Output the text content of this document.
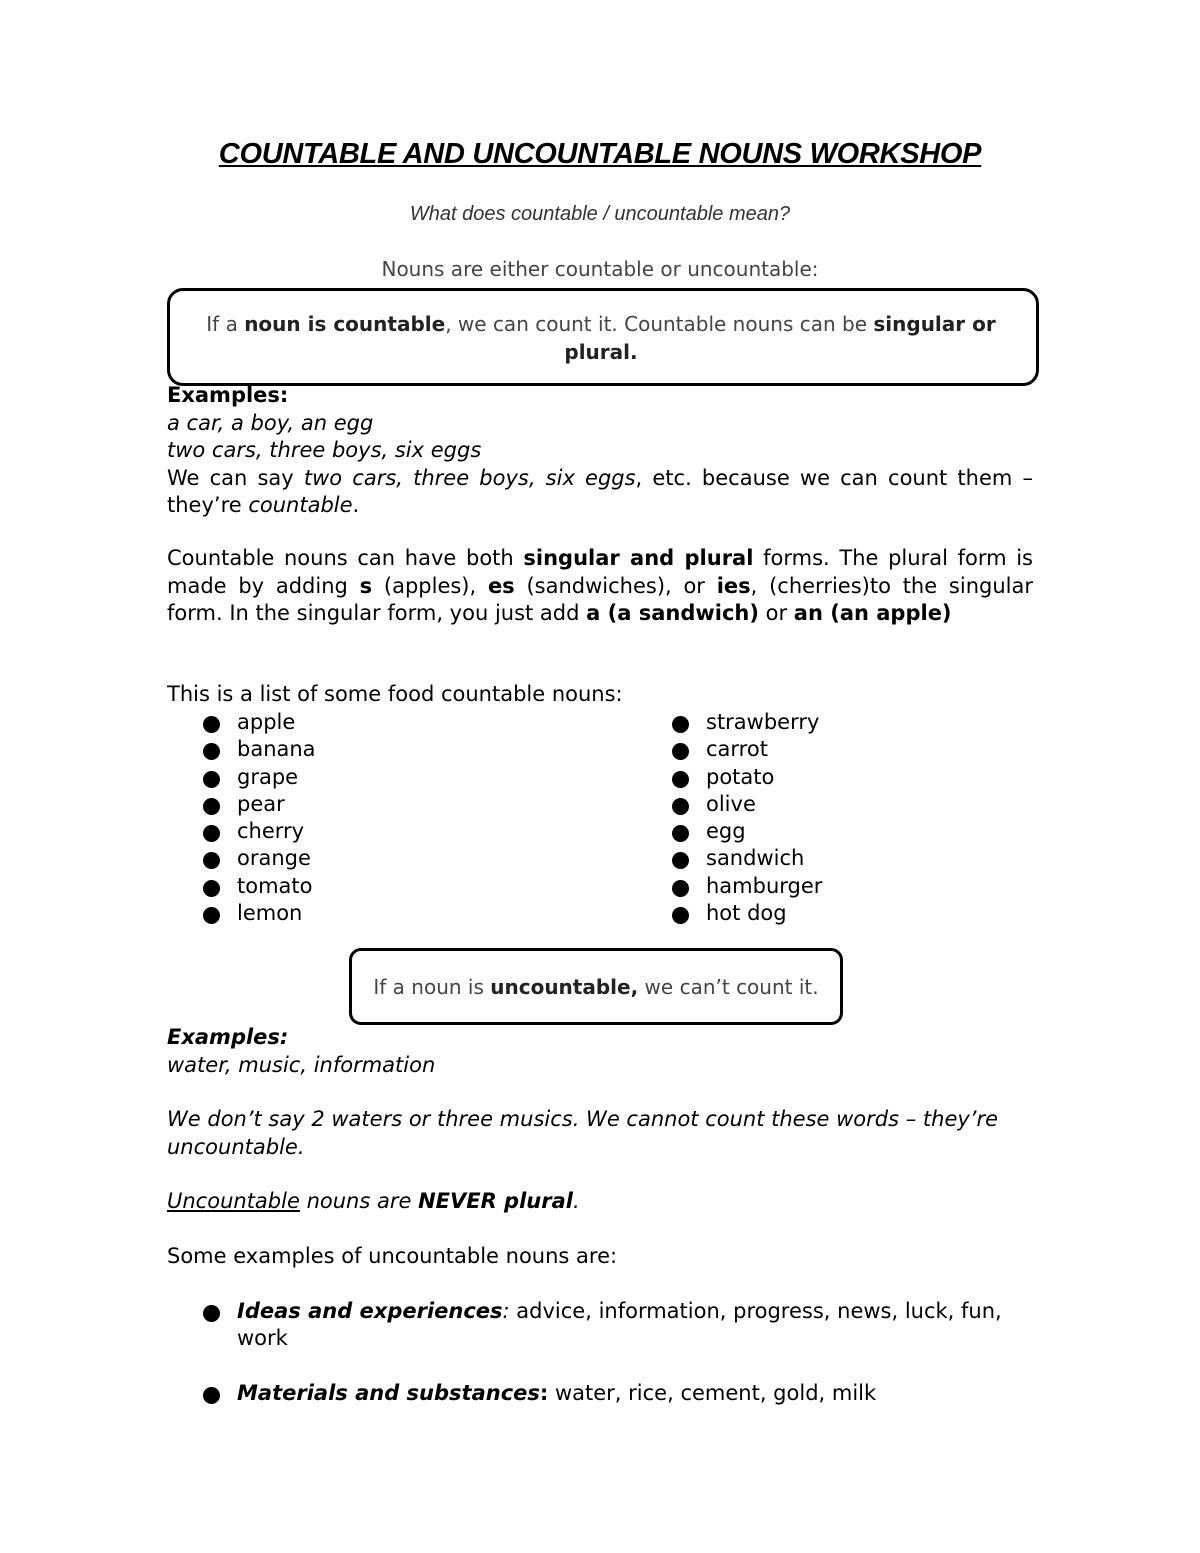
COUNTABLE AND UNCOUNTABLE NOUNS WORKSHOP
What does countable / uncountable mean?
Nouns are either countable or uncountable:
If a noun is countable, we can count it. Countable nouns can be singular or plural.
Examples:
a car, a boy, an egg
two cars, three boys, six eggs
We can say two cars, three boys, six eggs, etc. because we can count them – they’re countable.
Countable nouns can have both singular and plural forms. The plural form is made by adding s (apples), es (sandwiches), or ies, (cherries)to the singular form. In the singular form, you just add a (a sandwich) or an (an apple)
This is a list of some food countable nouns:
apple
banana
grape
pear
cherry
orange
tomato
lemon
strawberry
carrot
potato
olive
egg
sandwich
hamburger
hot dog
If a noun is uncountable, we can’t count it.
Examples:
water, music, information
We don’t say 2 waters or three musics. We cannot count these words – they’re uncountable.
Uncountable nouns are NEVER plural.
Some examples of uncountable nouns are:
Ideas and experiences: advice, information, progress, news, luck, fun, work
Materials and substances: water, rice, cement, gold, milk
